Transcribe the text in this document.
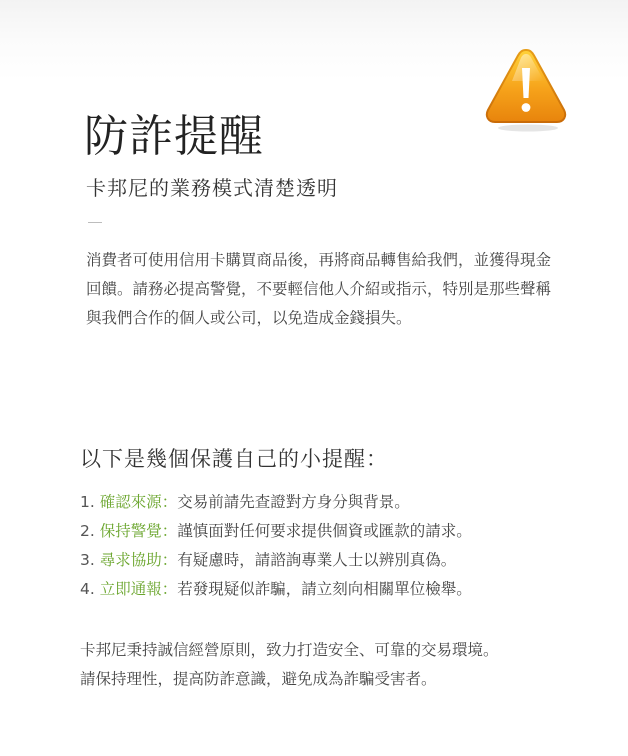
防詐提醒
卡邦尼的業務模式清楚透明

消費者可使用信用卡購買商品後，再將商品轉售給我們，並獲得現金回饋。請務必提高警覺，不要輕信他人介紹或指示，特別是那些聲稱與我們合作的個人或公司，以免造成金錢損失。

以下是幾個保護自己的小提醒：
1. 確認來源：交易前請先查證對方身分與背景。
2. 保持警覺：謹慎面對任何要求提供個資或匯款的請求。
3. 尋求協助：有疑慮時，請諮詢專業人士以辨別真偽。
4. 立即通報：若發現疑似詐騙，請立刻向相關單位檢舉。

卡邦尼秉持誠信經營原則，致力打造安全、可靠的交易環境。
請保持理性，提高防詐意識，避免成為詐騙受害者。
